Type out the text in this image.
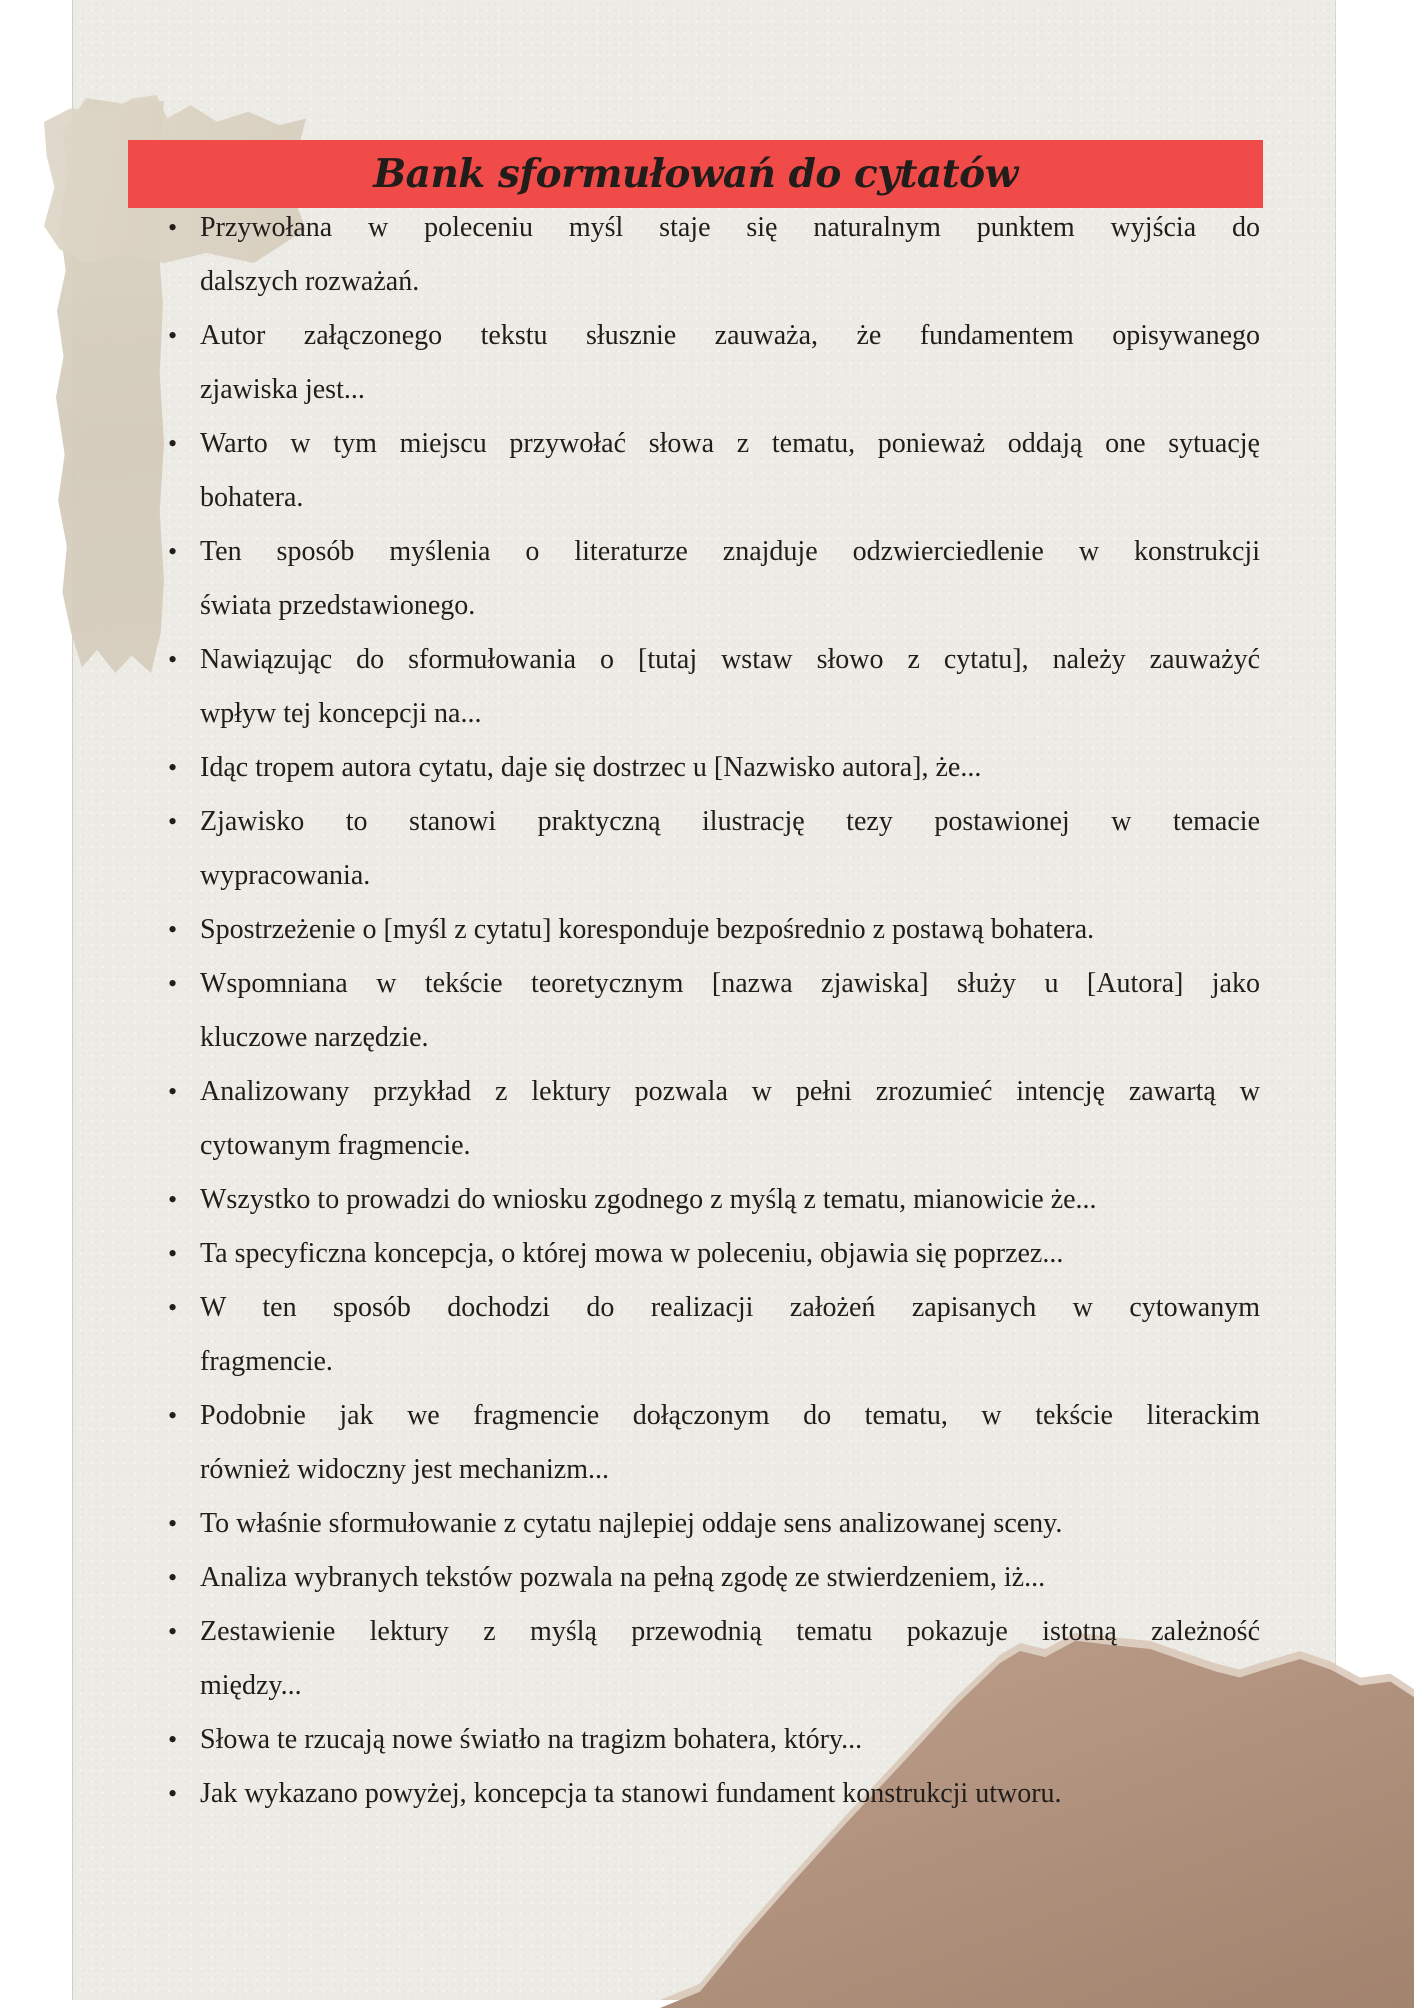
Bank sformułowań do cytatów
• Przywołana w poleceniu myśl staje się naturalnym punktem wyjścia do
dalszych rozważań.
• Autor załączonego tekstu słusznie zauważa, że fundamentem opisywanego
zjawiska jest...
• Warto w tym miejscu przywołać słowa z tematu, ponieważ oddają one sytuację
bohatera.
• Ten sposób myślenia o literaturze znajduje odzwierciedlenie w konstrukcji
świata przedstawionego.
• Nawiązując do sformułowania o [tutaj wstaw słowo z cytatu], należy zauważyć
wpływ tej koncepcji na...
• Idąc tropem autora cytatu, daje się dostrzec u [Nazwisko autora], że...
• Zjawisko to stanowi praktyczną ilustrację tezy postawionej w temacie
wypracowania.
• Spostrzeżenie o [myśl z cytatu] koresponduje bezpośrednio z postawą bohatera.
• Wspomniana w tekście teoretycznym [nazwa zjawiska] służy u [Autora] jako
kluczowe narzędzie.
• Analizowany przykład z lektury pozwala w pełni zrozumieć intencję zawartą w
cytowanym fragmencie.
• Wszystko to prowadzi do wniosku zgodnego z myślą z tematu, mianowicie że...
• Ta specyficzna koncepcja, o której mowa w poleceniu, objawia się poprzez...
• W ten sposób dochodzi do realizacji założeń zapisanych w cytowanym
fragmencie.
• Podobnie jak we fragmencie dołączonym do tematu, w tekście literackim
również widoczny jest mechanizm...
• To właśnie sformułowanie z cytatu najlepiej oddaje sens analizowanej sceny.
• Analiza wybranych tekstów pozwala na pełną zgodę ze stwierdzeniem, iż...
• Zestawienie lektury z myślą przewodnią tematu pokazuje istotną zależność
między...
• Słowa te rzucają nowe światło na tragizm bohatera, który...
• Jak wykazano powyżej, koncepcja ta stanowi fundament konstrukcji utworu.
